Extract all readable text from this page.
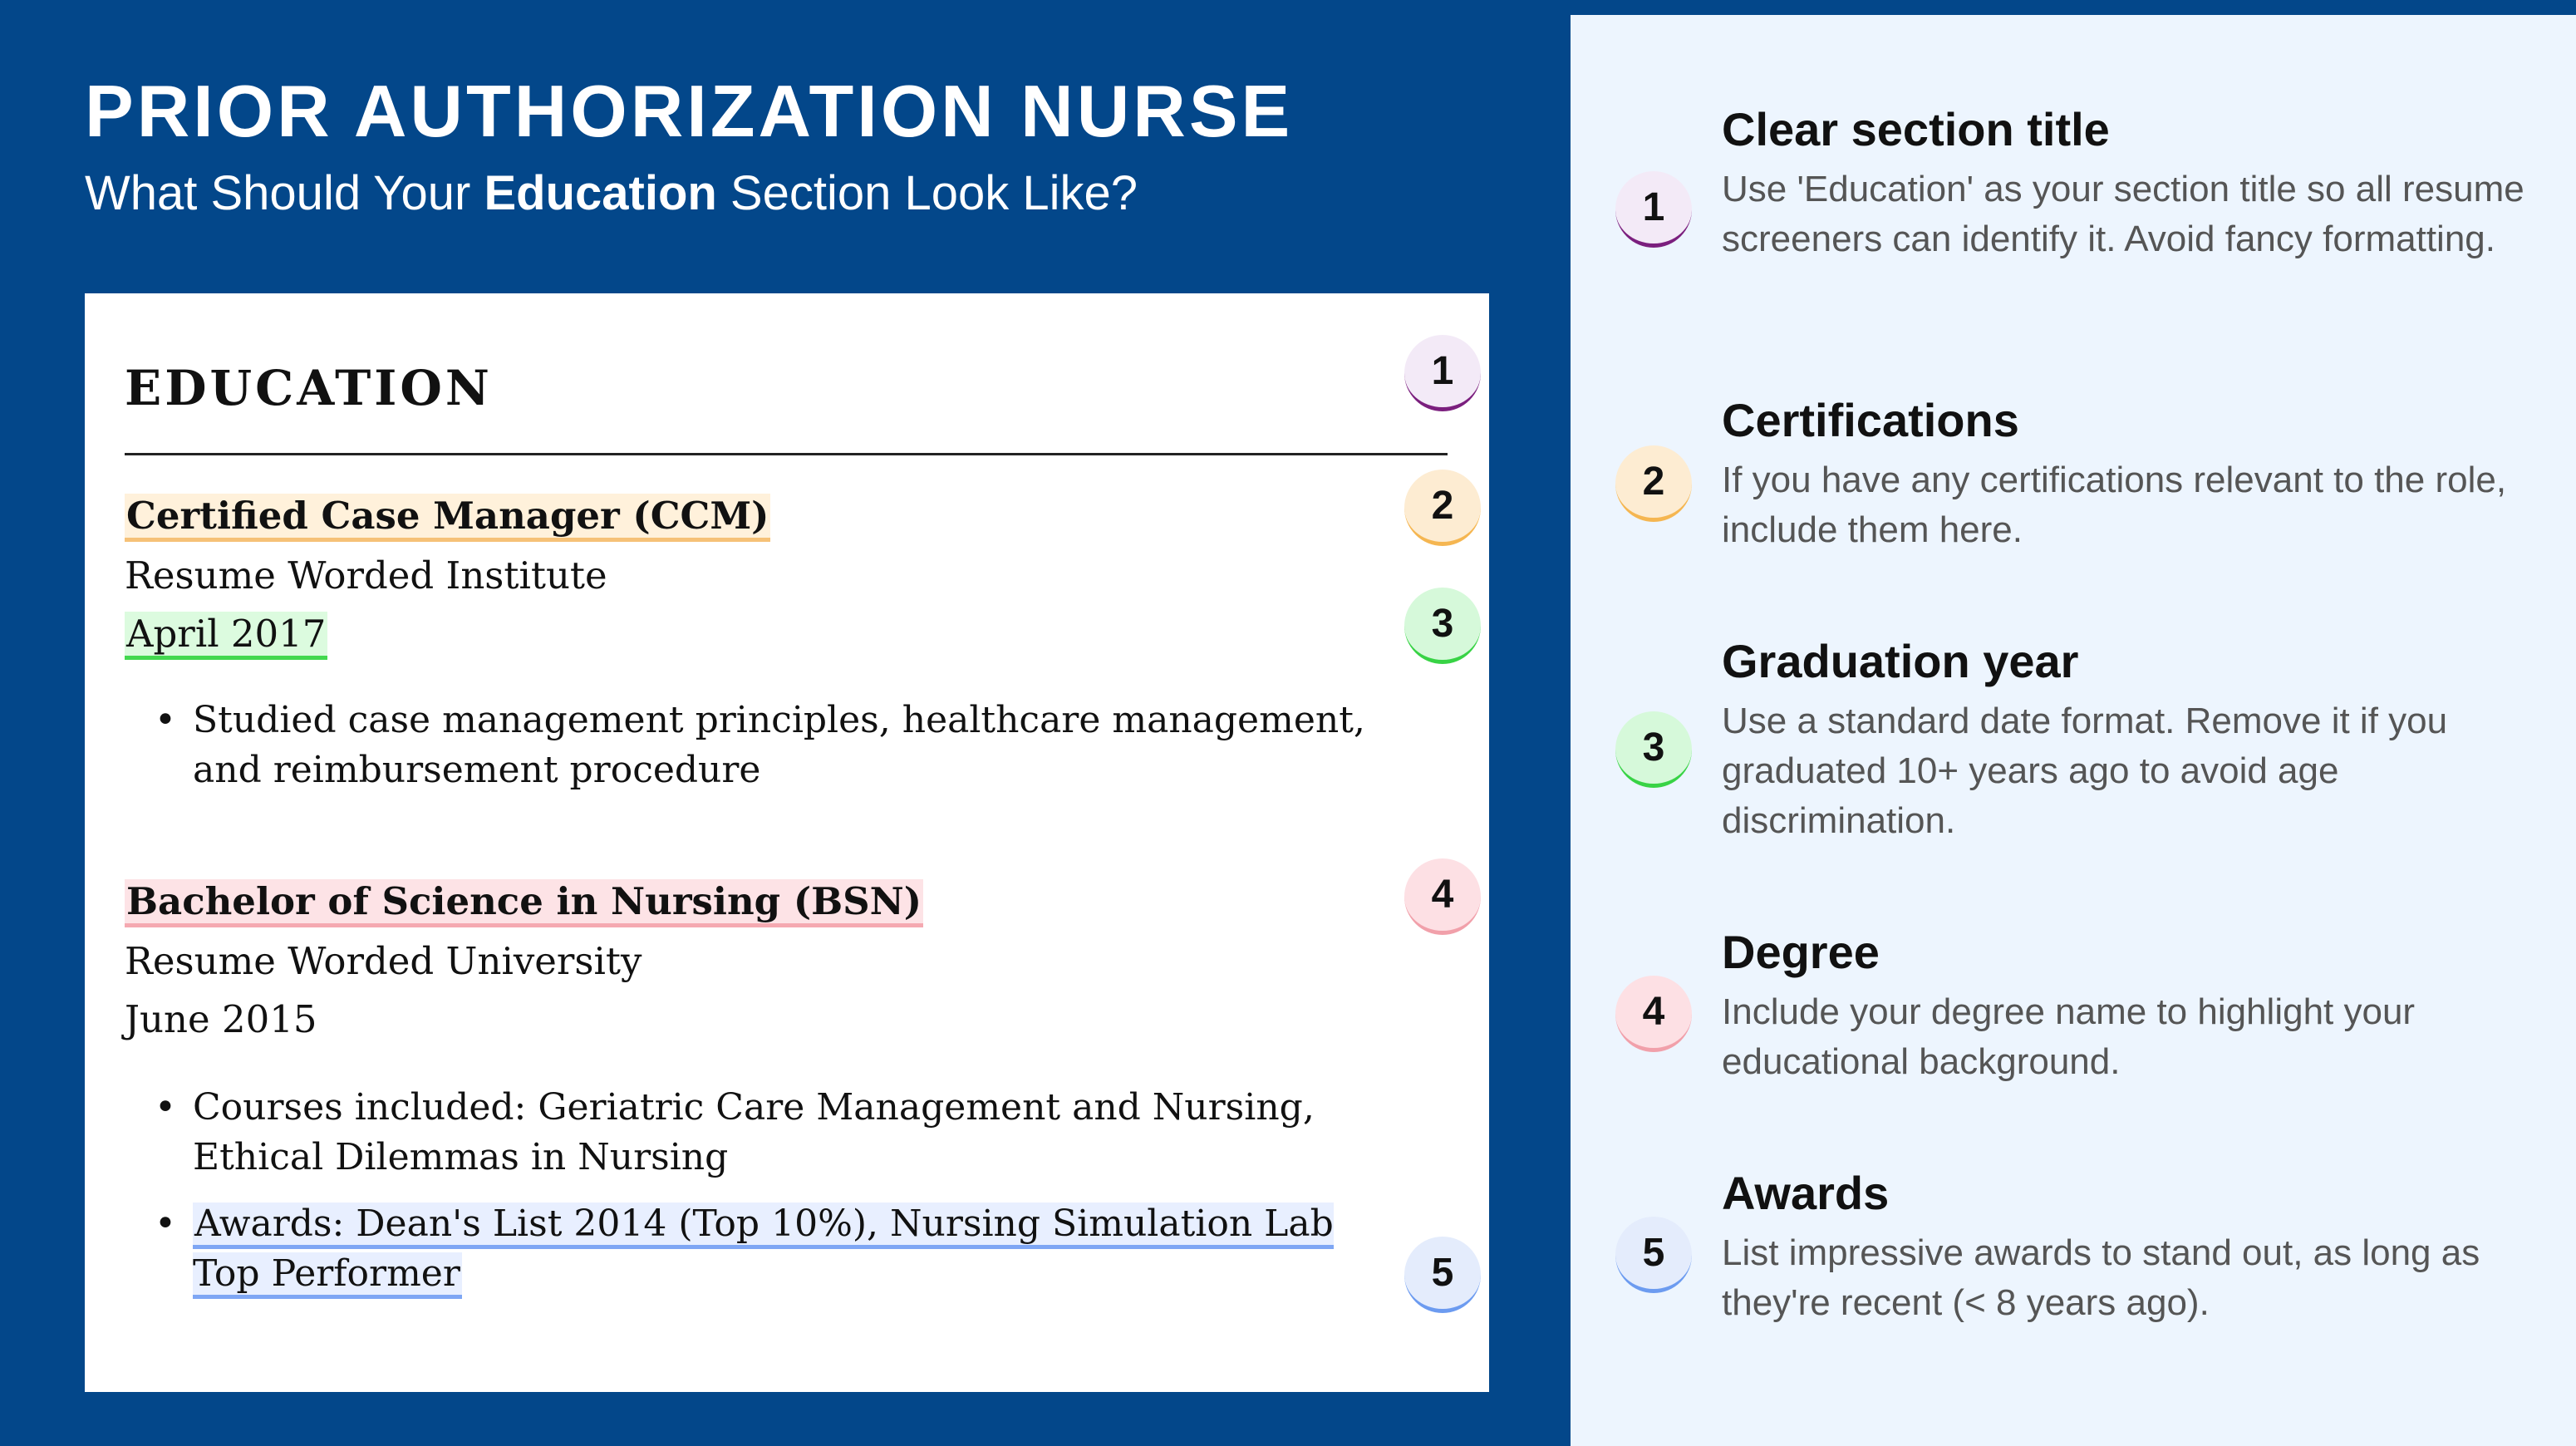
PRIOR AUTHORIZATION NURSE

What Should Your Education Section Look Like?

EDUCATION
Certified Case Manager (CCM)
Resume Worded Institute
April 2017
• Studied case management principles, healthcare management, and reimbursement procedure
Bachelor of Science in Nursing (BSN)
Resume Worded University
June 2015
• Courses included: Geriatric Care Management and Nursing, Ethical Dilemmas in Nursing
• Awards: Dean's List 2014 (Top 10%), Nursing Simulation Lab Top Performer
1
2
3
4
5
1
Clear section title
Use 'Education' as your section title so all resume screeners can identify it. Avoid fancy formatting.
2
Certifications
If you have any certifications relevant to the role, include them here.
3
Graduation year
Use a standard date format. Remove it if you graduated 10+ years ago to avoid age discrimination.
4
Degree
Include your degree name to highlight your educational background.
5
Awards
List impressive awards to stand out, as long as they're recent (< 8 years ago).
